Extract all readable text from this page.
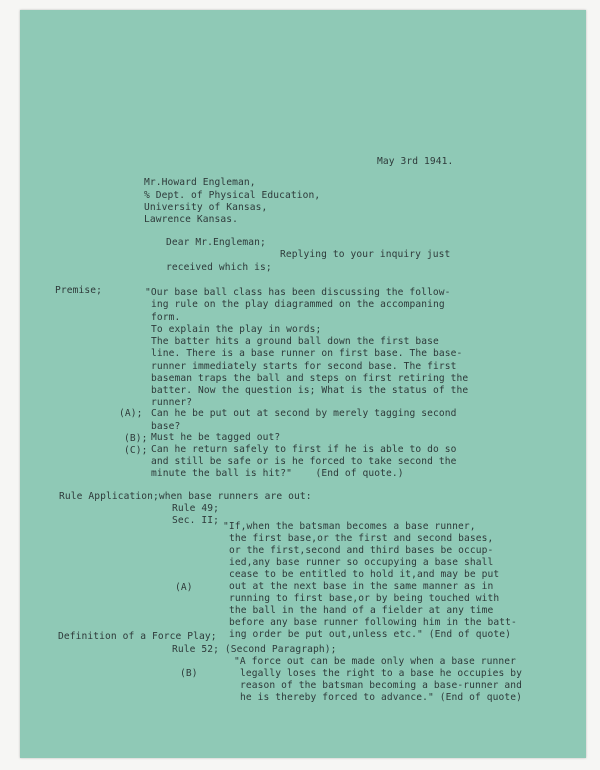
May 3rd 1941.
Mr.Howard Engleman,
% Dept. of Physical Education,
University of Kansas,
Lawrence Kansas.
Dear Mr.Engleman;
Replying to your inquiry just
received which is;
Premise;	"Our base ball class has been discussing the follow-
ing rule on the play diagrammed on the accompaning
form.
To explain the play in words;
The batter hits a ground ball down the first base
line. There is a base runner on first base. The base-
runner immediately starts for second base. The first
baseman traps the ball and steps on first retiring the
batter. Now the question is; What is the status of the
runner?
(A); Can he be put out at second by merely tagging second
base?
(B); Must he be tagged out?
(C); Can he return safely to first if he is able to do so
and still be safe or is he forced to take second the
minute the ball is hit?"    (End of quote.)
Rule Application;when base runners are out:
Rule 49;
Sec. II;
"If,when the batsman becomes a base runner,
the first base,or the first and second bases,
or the first,second and third bases be occup-
ied,any base runner so occupying a base shall
cease to be entitled to hold it,and may be put
(A)	out at the next base in the same manner as in
running to first base,or by being touched with
the ball in the hand of a fielder at any time
before any base runner following him in the batt-
ing order be put out,unless etc." (End of quote)
Definition of a Force Play;
Rule 52; (Second Paragraph);
"A force out can be made only when a base runner
(B)	legally loses the right to a base he occupies by
reason of the batsman becoming a base-runner and
he is thereby forced to advance." (End of quote)
